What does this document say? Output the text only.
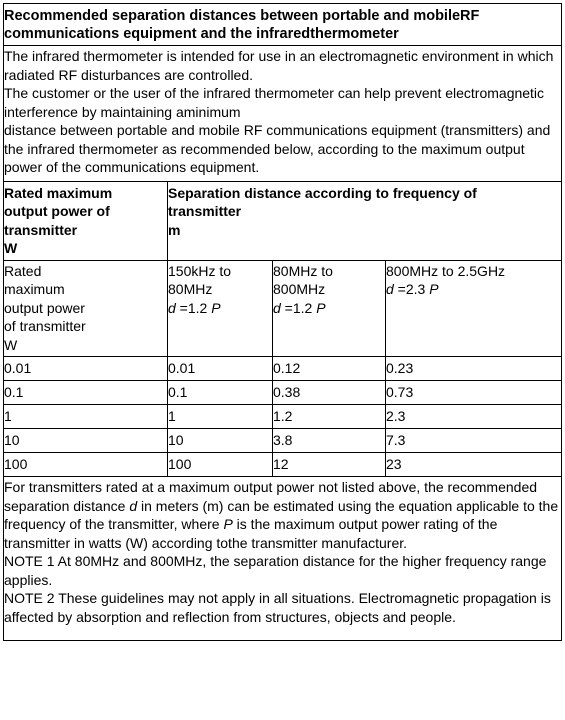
Recommended separation distances between portable and mobileRF communications equipment and the infraredthermometer			

The infrared thermometer is intended for use in an electromagnetic environment in which radiated RF disturbances are controlled.
The customer or the user of the infrared thermometer can help prevent electromagnetic interference by maintaining aminimum
distance between portable and mobile RF communications equipment (transmitters) and the infrared thermometer as recommended below, according to the maximum output power of the communications equipment.			

Rated maximum
output power of
transmitter
W	Separation distance according to frequency of
transmitter
m		

Rated
maximum
output power
of transmitter
W	150kHz to
80MHz
d =1.2 P	80MHz to
800MHz
d =1.2 P	800MHz to 2.5GHz
d =2.3 P

0.01	0.01	0.12	0.23
0.1	0.1	0.38	0.73
1	1	1.2	2.3
10	10	3.8	7.3
100	100	12	23

For transmitters rated at a maximum output power not listed above, the recommended separation distance d in meters (m) can be estimated using the equation applicable to the frequency of the transmitter, where P is the maximum output power rating of the transmitter in watts (W) according tothe transmitter manufacturer.
NOTE 1 At 80MHz and 800MHz, the separation distance for the higher frequency range applies.
NOTE 2 These guidelines may not apply in all situations. Electromagnetic propagation is affected by absorption and reflection from structures, objects and people.			
